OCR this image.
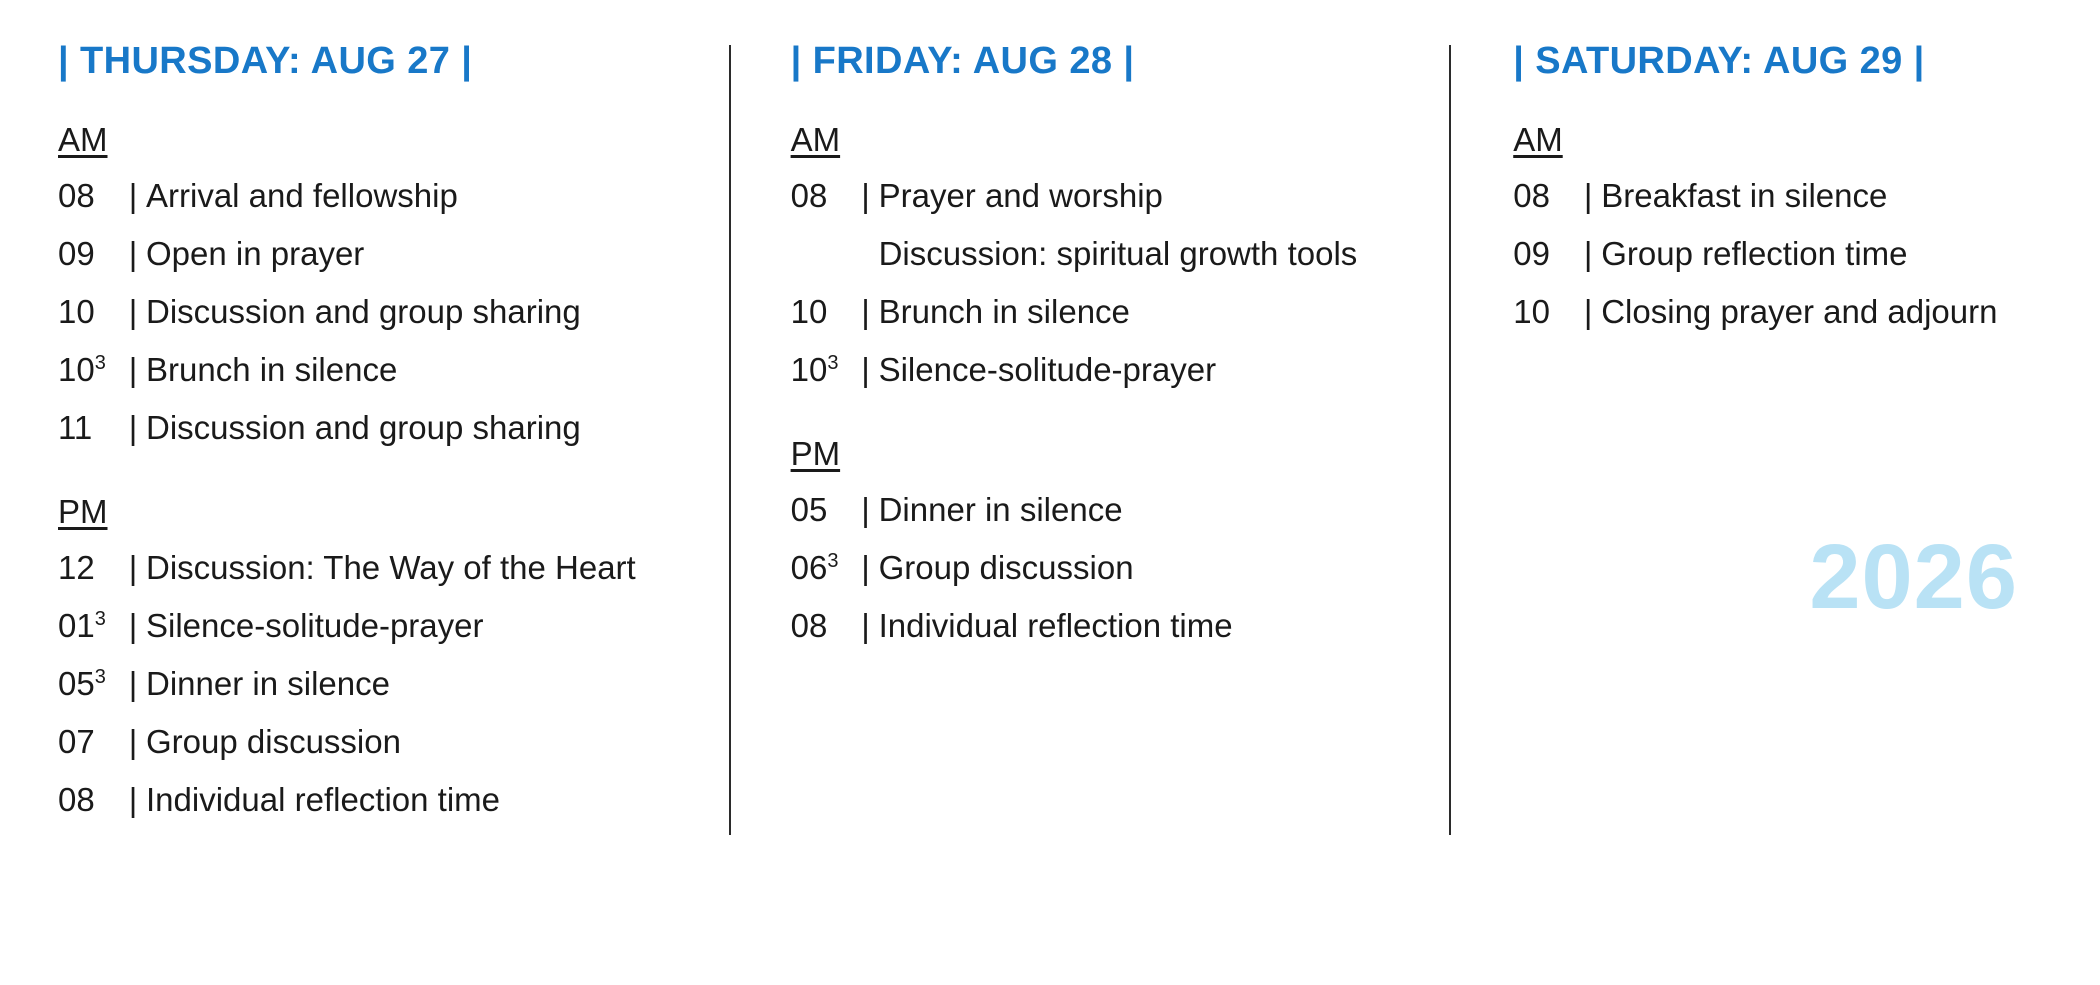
| THURSDAY: AUG 27 |
AM
08	| Arrival and fellowship
09	| Open in prayer
10	| Discussion and group sharing
$10^3$ | Brunch in silence
11	| Discussion and group sharing
PM
12	| Discussion: The Way of the Heart
$01^3$ | Silence-solitude-prayer
$05^3$ | Dinner in silence
07	| Group discussion
08	| Individual reflection time
| FRIDAY: AUG 28 |
AM
08	| Prayer and worship
Discussion: spiritual growth tools
10	| Brunch in silence
$10^3$ | Silence-solitude-prayer
PM
05	| Dinner in silence
$06^3$ | Group discussion
08	| Individual reflection time
| SATURDAY: AUG 29 |
AM
08	| Breakfast in silence
09	| Group reflection time
10	| Closing prayer and adjourn
2026
